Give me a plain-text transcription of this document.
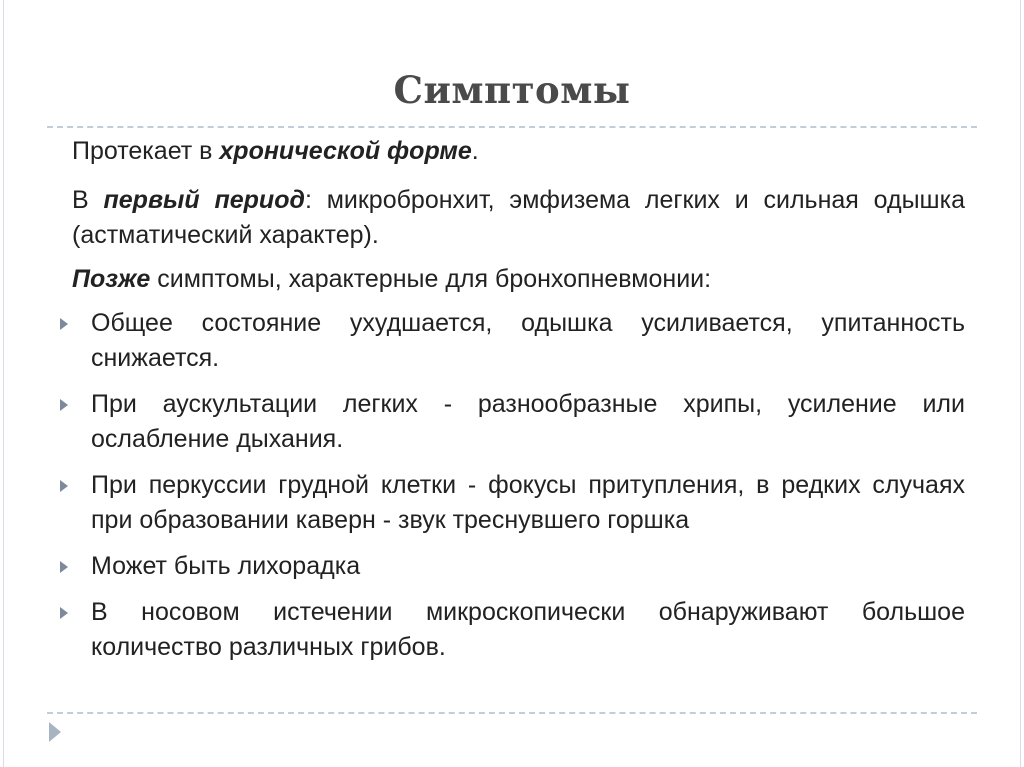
Симптомы

Протекает в хронической форме.

В первый период: микробронхит, эмфизема легких и сильная одышка (астматический характер).

Позже симптомы, характерные для бронхопневмонии:

Общее состояние ухудшается, одышка усиливается, упитанность снижается.
При аускультации легких - разнообразные хрипы, усиление или ослабление дыхания.
При перкуссии грудной клетки - фокусы притупления, в редких случаях при образовании каверн - звук треснувшего горшка
Может быть лихорадка
В носовом истечении микроскопически обнаруживают большое количество различных грибов.
